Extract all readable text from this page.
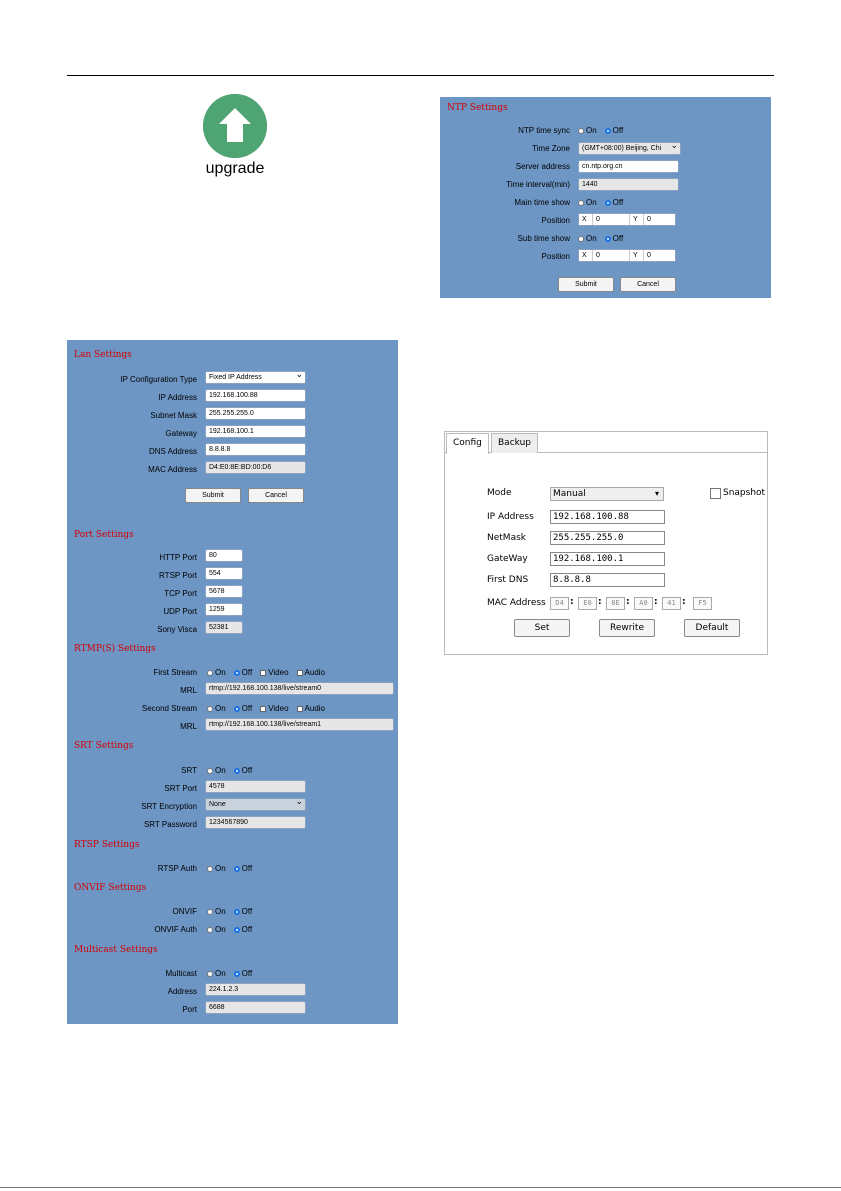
upgrade
NTP Settings
NTP time sync On Off
Time Zone	(GMT+08:00) Beijing, Chi ⌄
Server address	cn.ntp.org.cn
Time interval(min)	1440
Main time show On Off
Position	X	0	Y	0
Sub time show On Off
Position	X	0	Y	0
Submit	Cancel
Lan Settings
IP Configuration Type	Fixed IP Address ⌄
IP Address	192.168.100.88
Subnet Mask	255.255.255.0
Gateway	192.168.100.1
DNS Address	8.8.8.8
MAC Address	D4:E0:8E:BD:00:D6
Submit	Cancel
Port Settings
HTTP Port	80
RTSP Port	554
TCP Port	5678
UDP Port	1259
Sony Visca	52381
RTMP(S) Settings
First Stream On Off Video Audio
MRL	rtmp://192.168.100.138/live/stream0
Second Stream On Off Video Audio
MRL	rtmp://192.168.100.138/live/stream1
SRT Settings
SRT On Off
SRT Port	4578
SRT Encryption	None ⌄
SRT Password	1234567890
RTSP Settings
RTSP Auth On Off
ONVIF Settings
ONVIF On Off
ONVIF Auth On Off
Multicast Settings
Multicast On Off
Address	224.1.2.3
Port	6688
Config	Backup
Mode	Manual ▾	Snapshot
IP Address	192.168.100.88
NetMask	255.255.255.0
GateWay	192.168.100.1
First DNS	8.8.8.8
MAC Address	D4 :	E0 :	8E :	A0 :	41 :	F5
Set	Rewrite	Default
